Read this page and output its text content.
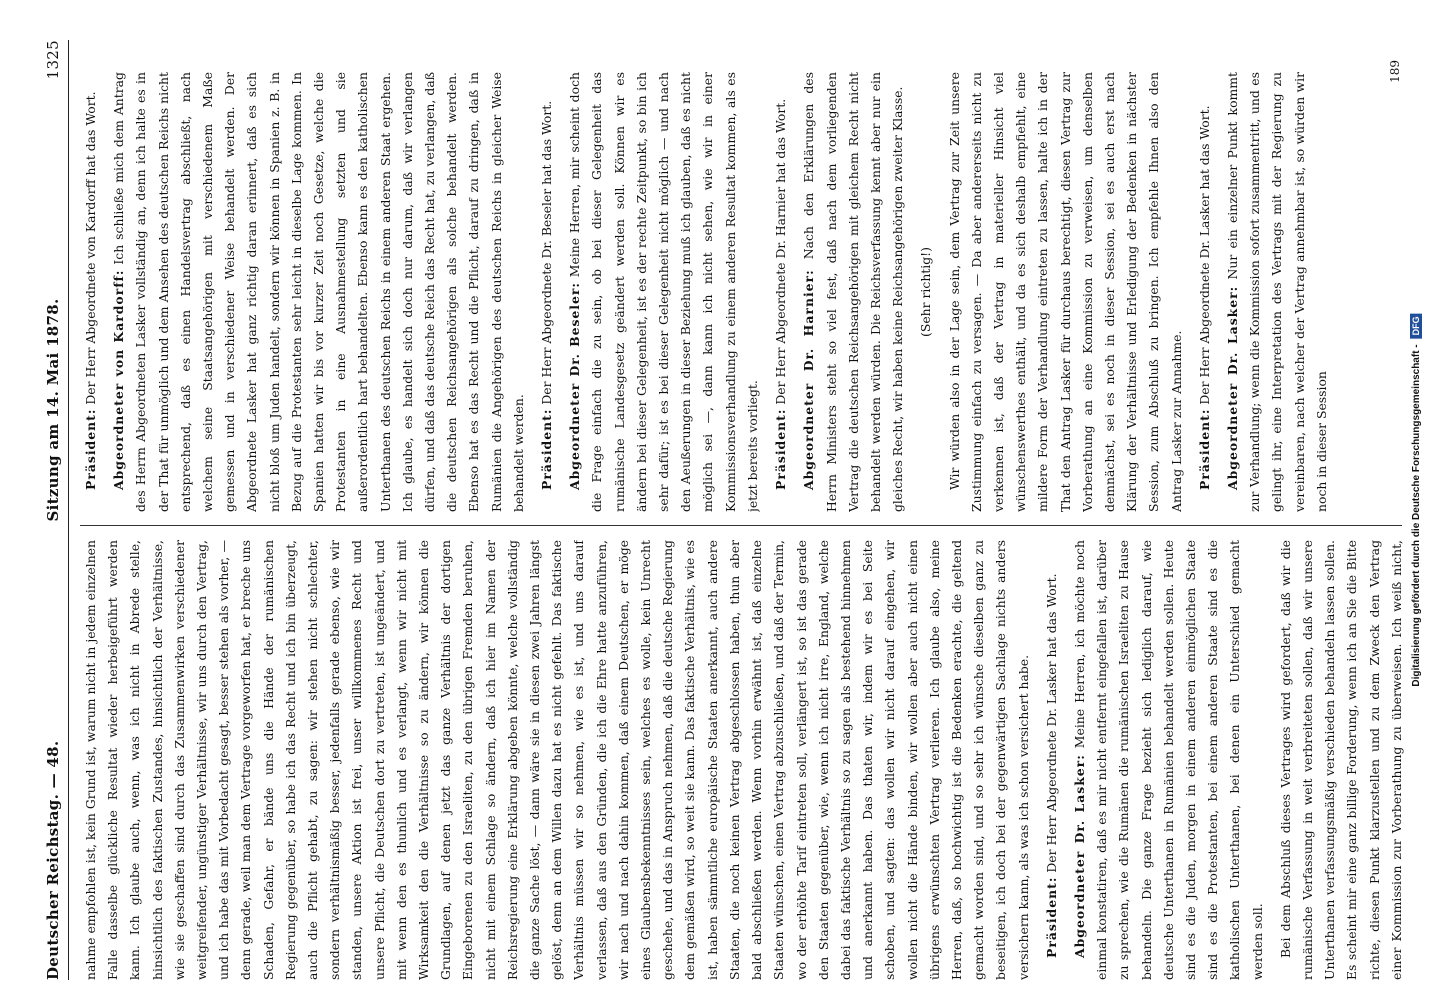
Deutscher Reichstag. — 48.
Sitzung am 14. Mai 1878.
1325

nahme empfohlen ist, kein Grund ist, warum nicht in jedem einzelnen Falle dasselbe glückliche Resultat wieder herbeigeführt werden kann. Ich glaube auch, wenn, was ich nicht in Abrede stelle, hinsichtlich des faktischen Zustandes, hinsichtlich der Verhältnisse, wie sie geschaffen sind durch das Zusammenwirken verschiedener weitgreifender, ungünstiger Verhältnisse, wir uns durch den Vertrag, und ich habe das mit Vorbedacht gesagt, besser stehen als vorher, — denn gerade, weil man dem Vertrage vorgeworfen hat, er breche uns Schaden, Gefahr, er bände uns die Hände der rumänischen Regierung gegenüber, so habe ich das Recht und ich bin überzeugt, auch die Pflicht gehabt, zu sagen: wir stehen nicht schlechter, sondern verhältnismäßig besser, jedenfalls gerade ebenso, wie wir standen, unsere Aktion ist frei, unser willkommenes Recht und unsere Pflicht, die Deutschen dort zu vertreten, ist ungeändert, und mit wenn den es thunlich und es verlangt, wenn wir nicht mit Wirksamkeit den die Verhältnisse so zu ändern, wir können die Grundlagen, auf denen jetzt das ganze Verhältnis der dortigen Eingeborenen zu den Israeliten, zu den übrigen Fremden beruhen, nicht mit einem Schlage so ändern, daß ich hier im Namen der Reichsregierung eine Erklärung abgeben könnte, welche vollständig die ganze Sache löst, — dann wäre sie in diesen zwei Jahren längst gelöst, denn an dem Willen dazu hat es nicht gefehlt. Das faktische Verhältnis müssen wir so nehmen, wie es ist, und uns darauf verlassen, daß aus den Gründen, die ich die Ehre hatte anzuführen, wir nach und nach dahin kommen, daß einem Deutschen, er möge eines Glaubensbekenntnisses sein, welches es wolle, kein Unrecht geschehe, und das in Anspruch nehmen, daß die deutsche Regierung dem gemäßen wird, so weit sie kann. Das faktische Verhältnis, wie es ist, haben sämmtliche europäische Staaten anerkannt, auch andere Staaten, die noch keinen Vertrag abgeschlossen haben, thun aber bald abschließen werden. Wenn vorhin erwähnt ist, daß einzelne Staaten wünschen, einen Vertrag abzuschließen, und daß der Termin, wo der erhöhte Tarif eintreten soll, verlängert ist, so ist das gerade den Staaten gegenüber, wie, wenn ich nicht irre, England, welche dabei das faktische Verhältnis so zu sagen als bestehend hinnehmen und anerkannt haben. Das thaten wir, indem wir es bei Seite schoben, und sagten: das wollen wir nicht darauf eingehen, wir wollen nicht die Hände binden, wir wollen aber auch nicht einen übrigens erwünschten Vertrag verlieren. Ich glaube also, meine Herren, daß, so hochwichtig ist die Bedenken erachte, die geltend gemacht worden sind, und so sehr ich wünsche dieselben ganz zu beseitigen, ich doch bei der gegenwärtigen Sachlage nichts anders versichern kann, als was ich schon versichert habe.	Präsident: Der Herr Abgeordnete Dr. Lasker hat das Wort.	Abgeordneter Dr. Lasker: Meine Herren, ich möchte noch einmal konstatiren, daß es mir nicht entfernt eingefallen ist, darüber zu sprechen, wie die Rumänen die rumänischen Israeliten zu Hause behandeln. Die ganze Frage bezieht sich lediglich darauf, wie deutsche Unterthanen in Rumänien behandelt werden sollen. Heute sind es die Juden, morgen in einem anderen einmöglichen Staate sind es die Protestanten, bei einem anderen Staate sind es die katholischen Unterthanen, bei denen ein Unterschied gemacht werden soll.	Bei dem Abschluß dieses Vertrages wird gefordert, daß wir die rumänische Verfassung in weit verbreiteten sollen, daß wir unsere Unterthanen verfassungsmäßig verschieden behandeln lassen sollen. Es scheint mir eine ganz billige Forderung, wenn ich an Sie die Bitte richte, diesen Punkt klarzustellen und zu dem Zweck den Vertrag einer Kommission zur Vorberathung zu überweisen. Ich weiß nicht,

Präsident: Der Herr Abgeordnete von Kardorff hat das Wort.	Abgeordneter von Kardorff: Ich schließe mich dem Antrag des Herrn Abgeordneten Lasker vollständig an, denn ich halte es in der That für unmöglich und dem Ansehen des deutschen Reichs nicht entsprechend, daß es einen Handelsvertrag abschließt, nach welchem seine Staatsangehörigen mit verschiedenem Maße gemessen und in verschiedener Weise behandelt werden. Der Abgeordnete Lasker hat ganz richtig daran erinnert, daß es sich nicht bloß um Juden handelt, sondern wir können in Spanien z. B. in Bezug auf die Protestanten sehr leicht in dieselbe Lage kommen. In Spanien hatten wir bis vor kurzer Zeit noch Gesetze, welche die Protestanten in eine Ausnahmestellung setzten und sie außerordentlich hart behandelten. Ebenso kann es den katholischen Unterthanen des deutschen Reichs in einem anderen Staat ergehen. Ich glaube, es handelt sich doch nur darum, daß wir verlangen dürfen, und daß das deutsche Reich das Recht hat, zu verlangen, daß die deutschen Reichsangehörigen als solche behandelt werden. Ebenso hat es das Recht und die Pflicht, darauf zu dringen, daß in Rumänien die Angehörigen des deutschen Reichs in gleicher Weise behandelt werden.	Präsident: Der Herr Abgeordnete Dr. Beseler hat das Wort.	Abgeordneter Dr. Beseler: Meine Herren, mir scheint doch die Frage einfach die zu sein, ob bei dieser Gelegenheit das rumänische Landesgesetz geändert werden soll. Können wir es ändern bei dieser Gelegenheit, ist es der rechte Zeitpunkt, so bin ich sehr dafür; ist es bei dieser Gelegenheit nicht möglich — und nach den Aeußerungen in dieser Beziehung muß ich glauben, daß es nicht möglich sei —, dann kann ich nicht sehen, wie wir in einer Kommissionsverhandlung zu einem anderen Resultat kommen, als es jetzt bereits vorliegt.	Präsident: Der Herr Abgeordnete Dr. Harnier hat das Wort.	Abgeordneter Dr. Harnier: Nach den Erklärungen des Herrn Ministers steht so viel fest, daß nach dem vorliegenden Vertrag die deutschen Reichsangehörigen mit gleichem Recht nicht behandelt werden würden. Die Reichsverfassung kennt aber nur ein gleiches Recht, wir haben keine Reichsangehörigen zweiter Klasse.	(Sehr richtig!)	Wir würden also in der Lage sein, dem Vertrag zur Zeit unsere Zustimmung einfach zu versagen. — Da aber andererseits nicht zu verkennen ist, daß der Vertrag in materieller Hinsicht viel wünschenswerthes enthält, und da es sich deshalb empfiehlt, eine mildere Form der Verhandlung eintreten zu lassen, halte ich in der That den Antrag Lasker für durchaus berechtigt, diesen Vertrag zur Vorberathung an eine Kommission zu verweisen, um denselben demnächst, sei es noch in dieser Session, sei es auch erst nach Klärung der Verhältnisse und Erledigung der Bedenken in nächster Session, zum Abschluß zu bringen. Ich empfehle Ihnen also den Antrag Lasker zur Annahme.	Präsident: Der Herr Abgeordnete Dr. Lasker hat das Wort.	Abgeordneter Dr. Lasker: Nur ein einzelner Punkt kommt zur Verhandlung; wenn die Kommission sofort zusammentritt, und es gelingt ihr, eine Interpretation des Vertrags mit der Regierung zu vereinbaren, nach welcher der Vertrag annehmbar ist, so würden wir noch in dieser Session

189
Digitalisierung gefördert durch die Deutsche Forschungsgemeinschaft -
DFG
